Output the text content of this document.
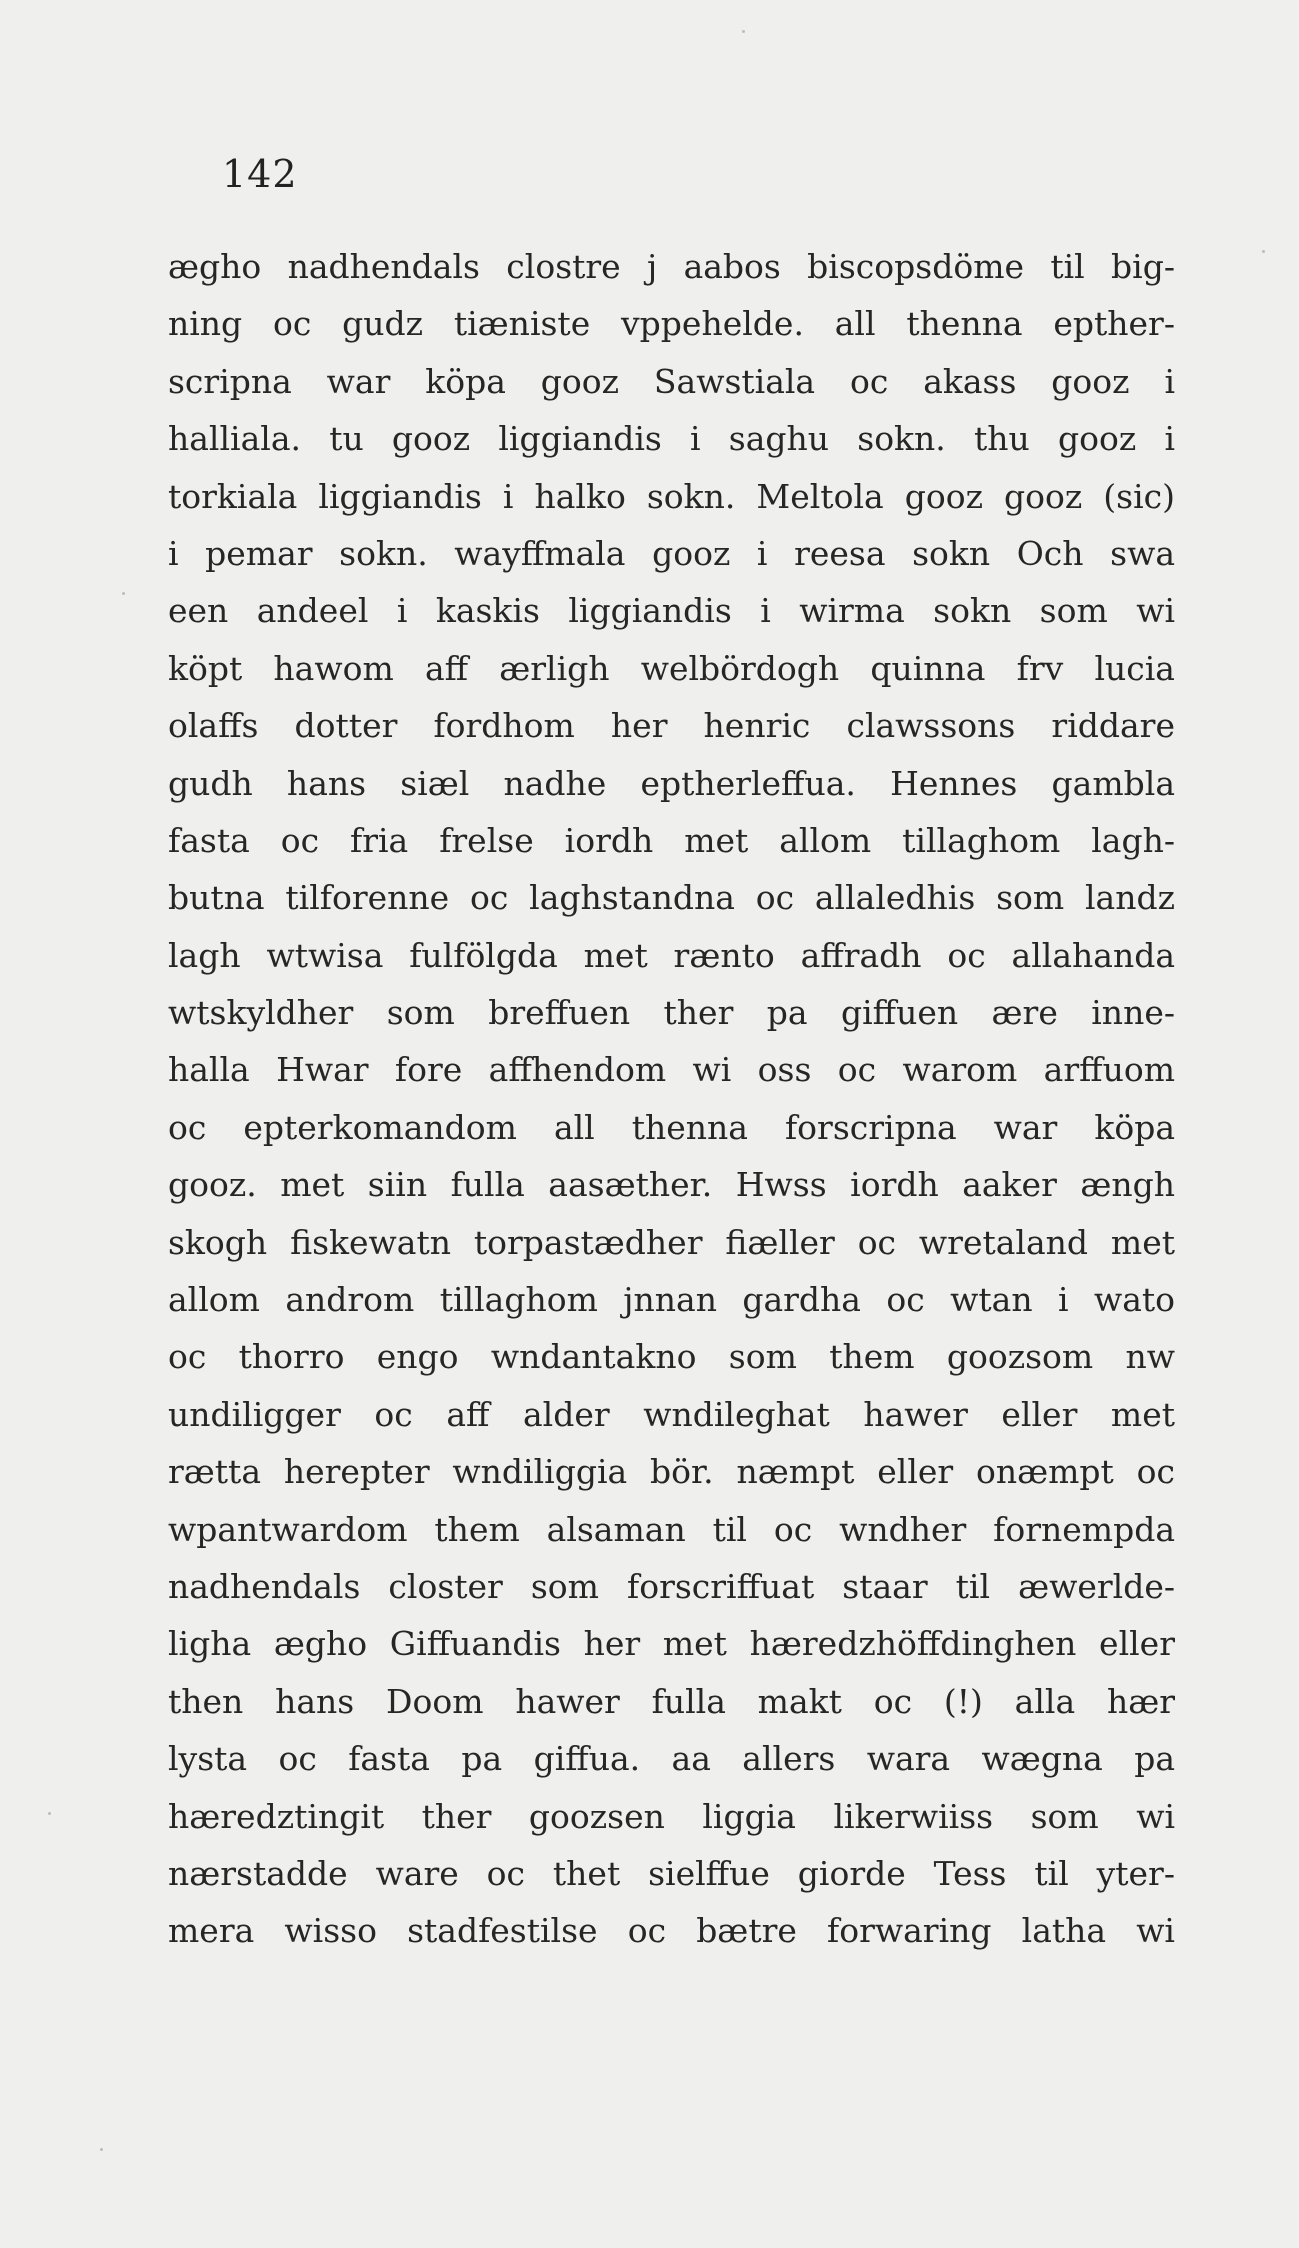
142
ægho nadhendals clostre j aabos biscopsdöme til big-
ning oc gudz tiæniste vppehelde. all thenna epther-
scripna war köpa gooz Sawstiala oc akass gooz i
halliala. tu gooz liggiandis i saghu sokn. thu gooz i
torkiala liggiandis i halko sokn. Meltola gooz gooz (sic)
i pemar sokn. wayffmala gooz i reesa sokn Och swa
een andeel i kaskis liggiandis i wirma sokn som wi
köpt hawom aff ærligh welbördogh quinna frv lucia
olaffs dotter fordhom her henric clawssons riddare
gudh hans siæl nadhe eptherleffua. Hennes gambla
fasta oc fria frelse iordh met allom tillaghom lagh-
butna tilforenne oc laghstandna oc allaledhis som landz
lagh wtwisa fulfölgda met rænto affradh oc allahanda
wtskyldher som breffuen ther pa giffuen ære inne-
halla Hwar fore affhendom wi oss oc warom arffuom
oc epterkomandom all thenna forscripna war köpa
gooz. met siin fulla aasæther. Hwss iordh aaker ængh
skogh fiskewatn torpastædher fiæller oc wretaland met
allom androm tillaghom jnnan gardha oc wtan i wato
oc thorro engo wndantakno som them goozsom nw
undiligger oc aff alder wndileghat hawer eller met
rætta herepter wndiliggia bör. næmpt eller onæmpt oc
wpantwardom them alsaman til oc wndher fornempda
nadhendals closter som forscriffuat staar til æwerlde-
ligha ægho Giffuandis her met hæredzhöffdinghen eller
then hans Doom hawer fulla makt oc (!) alla hær
lysta oc fasta pa giffua. aa allers wara wægna pa
hæredztingit ther goozsen liggia likerwiiss som wi
nærstadde ware oc thet sielffue giorde Tess til yter-
mera wisso stadfestilse oc bætre forwaring latha wi
